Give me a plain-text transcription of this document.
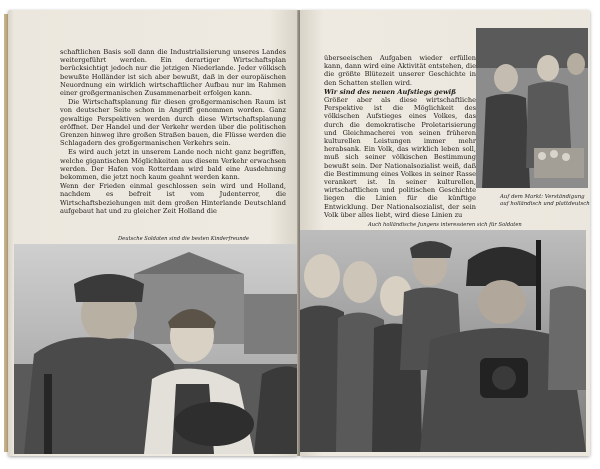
schaftlichen Basis soll dann die Industrialisierung unseres Landes weitergeführt werden. Ein derartiger Wirtschaftsplan berücksichtigt jedoch nur die jetzigen Niederlande. Jeder völkisch bewußte Holländer ist sich aber bewußt, daß in der europäischen Neuordnung ein wirklich wirtschaftlicher Aufbau nur im Rahmen einer großgermanischen Zusammenarbeit erfolgen kann.

Die Wirtschaftsplanung für diesen großgermanischen Raum ist von deutscher Seite schon in Angriff genommen worden. Ganz gewaltige Perspektiven werden durch diese Wirtschaftsplanung eröffnet. Der Handel und der Verkehr werden über die politischen Grenzen hinweg ihre großen Straßen bauen, die Flüsse werden die Schlagadern des großgermanischen Verkehrs sein.

Es wird auch jetzt in unserem Lande noch nicht ganz begriffen, welche gigantischen Möglichkeiten aus diesem Verkehr erwachsen werden. Der Hafen von Rotterdam wird bald eine Ausdehnung bekommen, die jetzt noch kaum geahnt werden kann.

Wenn der Frieden einmal geschlossen sein wird und Holland, nachdem es befreit ist vom Judenterror, die Wirtschaftsbeziehungen mit dem großen Hinterlande Deutschland aufgebaut hat und zu gleicher Zeit Holland die

Deutsche Soldaten sind die besten Kinderfreunde

überseeischen Aufgaben wieder erfüllen kann, dann wird eine Aktivität entstehen, die die größte Blütezeit unserer Geschichte in den Schatten stellen wird.

Wir sind des neuen Aufstiegs gewiß

Größer aber als diese wirtschaftliche Perspektive ist die Möglichkeit des völkischen Aufstieges eines Volkes, das durch die demokratische Proletarisierung und Gleichmacherei von seinen früheren kulturellen Leistungen immer mehr herabsank. Ein Volk, das wirklich leben soll, muß sich seiner völkischen Bestimmung bewußt sein. Der Nationalsozialist weiß, daß die Bestimmung eines Volkes in seiner Rasse verankert ist. In seiner kulturellen, wirtschaftlichen und politischen Geschichte liegen die Linien für die künftige Entwicklung. Der Nationalsozialist, der sein Volk über alles liebt, wird diese Linien zu

Auf dem Markt: Verständigung auf holländisch und plattdeutsch
Auch holländische Jungens interessieren sich für Soldaten
